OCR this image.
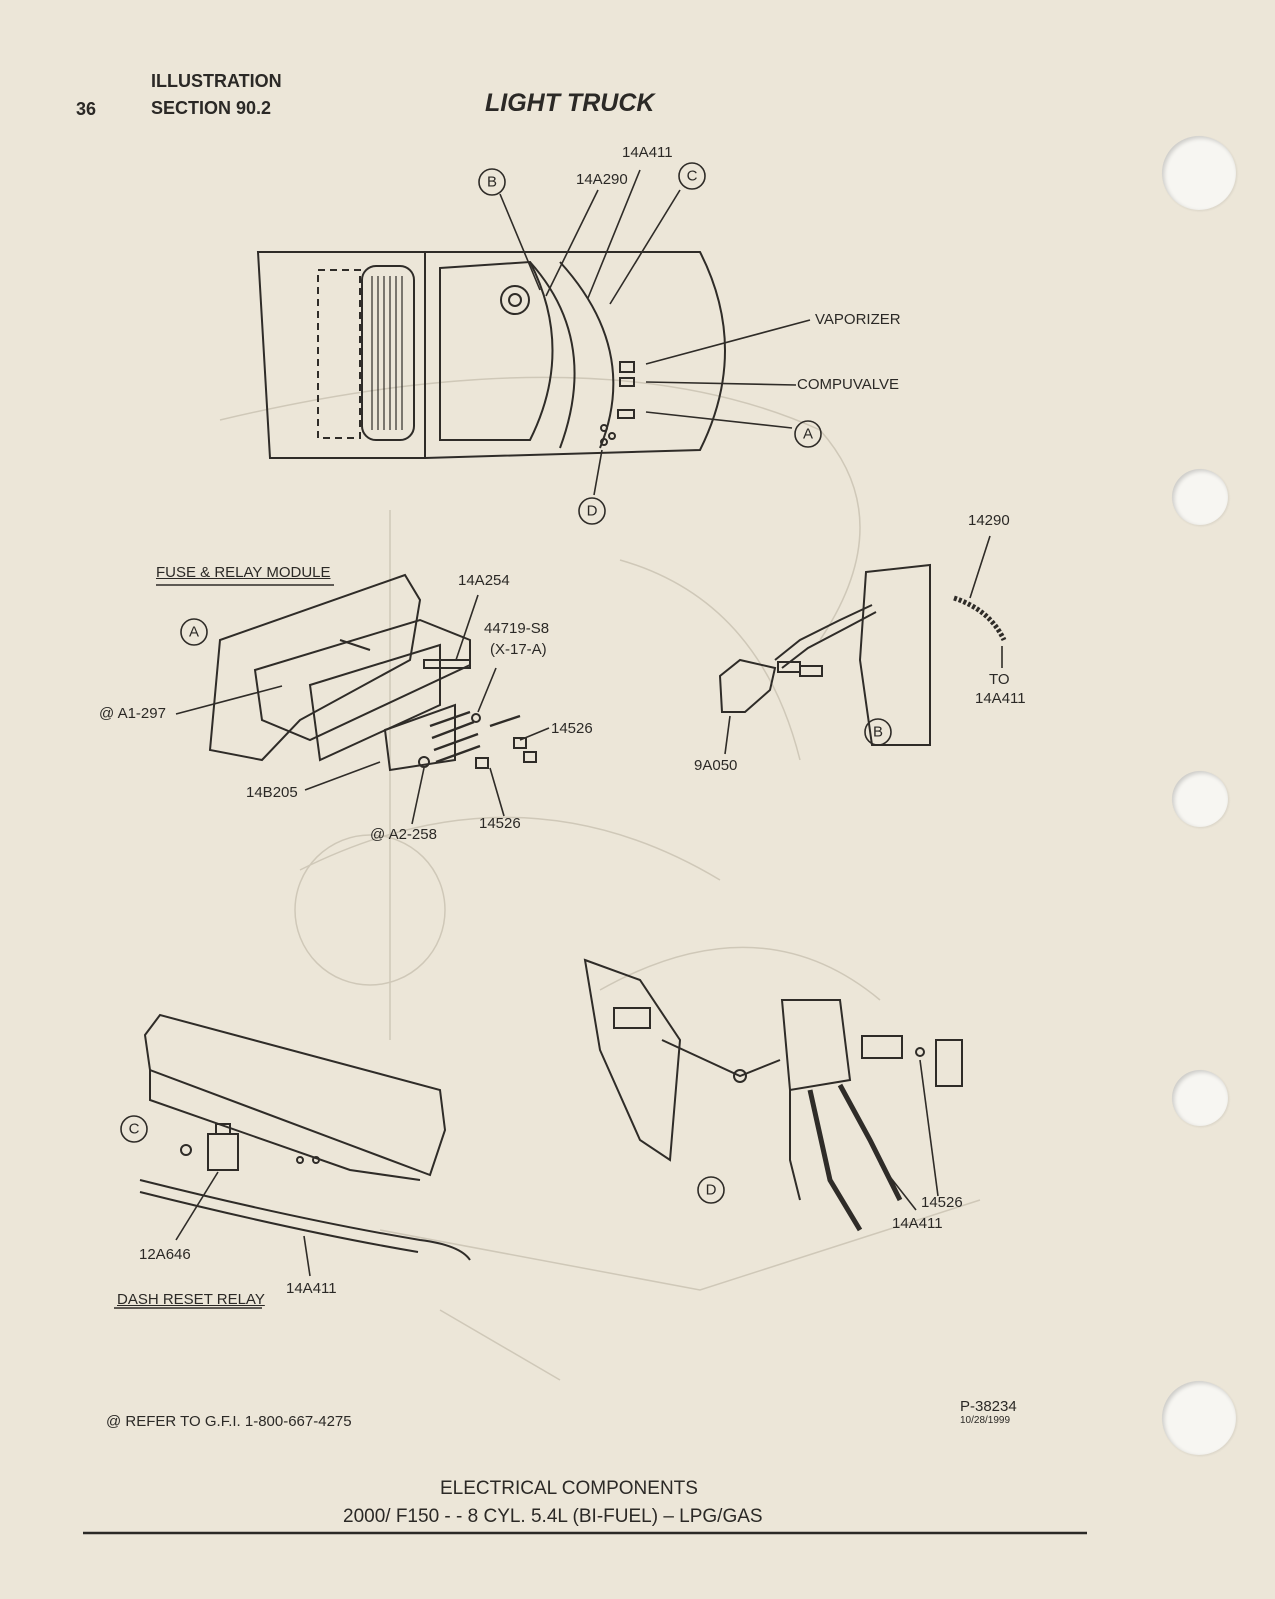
B	C
A
D
A
B
C
D
ILLUSTRATION
36	SECTION 90.2	LIGHT TRUCK
14A411
14A290
VAPORIZER
COMPUVALVE
FUSE & RELAY MODULE	14A254
44719-S8
(X-17-A)
@ A1-297
14526
14B205
@ A2-258
14526
14290
TO
14A411
9A050
12A646
14A411
DASH RESET RELAY
14526
14A411
@ REFER TO G.F.I. 1-800-667-4275
P-38234
10/28/1999
ELECTRICAL COMPONENTS
2000/ F150 - - 8 CYL. 5.4L (BI-FUEL) – LPG/GAS
